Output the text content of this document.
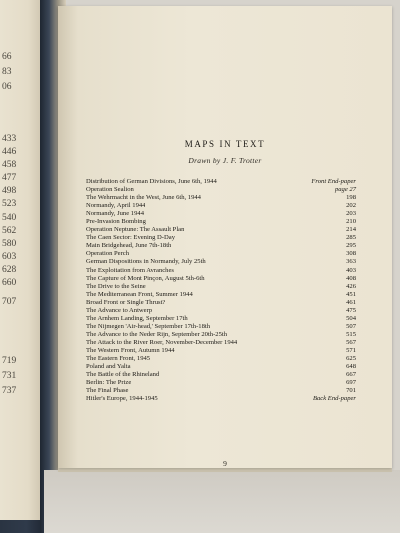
66
83
06
433
446
458
477
498
523
540
562
580
603
628
660
707
719
731
737
MAPS IN TEXT
Drawn by J. F. Trotter
Distribution of German Divisions, June 6th, 1944	Front End-paper
Operation Sealion	page 27
The Wehrmacht in the West, June 6th, 1944	198
Normandy, April 1944	202
Normandy, June 1944	203
Pre-Invasion Bombing	210
Operation Neptune: The Assault Plan	214
The Caen Sector: Evening D-Day	285
Main Bridgehead, June 7th-18th	295
Operation Perch	308
German Dispositions in Normandy, July 25th	363
The Exploitation from Avranches	403
The Capture of Mont Pinçon, August 5th-6th	408
The Drive to the Seine	426
The Mediterranean Front, Summer 1944	451
Broad Front or Single Thrust?	461
The Advance to Antwerp	475
The Arnhem Landing, September 17th	504
The Nijmegen 'Air-head,' September 17th-18th	507
The Advance to the Neder Rijn, September 20th-25th	515
The Attack to the River Roer, November-December 1944	567
The Western Front, Autumn 1944	571
The Eastern Front, 1945	625
Poland and Yalta	648
The Battle of the Rhineland	667
Berlin: The Prize	697
The Final Phase	701
Hitler's Europe, 1944-1945	Back End-paper
9
